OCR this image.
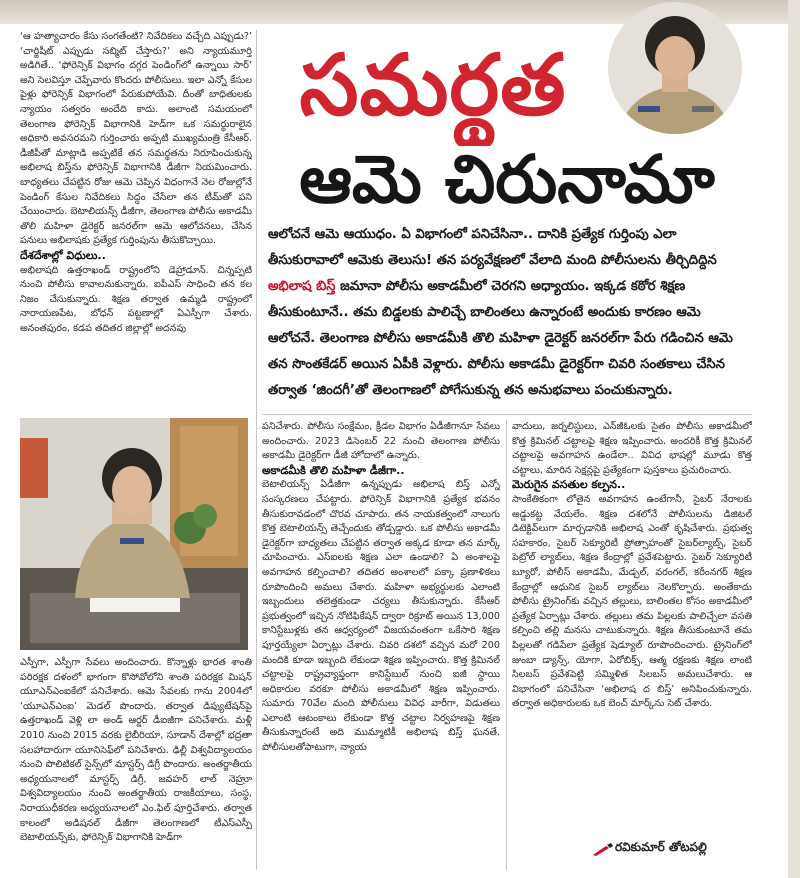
‘ఆ హత్యాచారం కేసు సంగతేంటి? నివేదికలు వచ్చేది ఎప్పుడు?’ ‘చార్జిషీట్ ఎప్పుడు సబ్మిట్ చేస్తారు?’ అని న్యాయమూర్తి అడిగితే.. ‘ఫోరెన్సిక్ విభాగం దగ్గర పెండింగ్‌లో ఉన్నాయి సార్’ అని సెలవిస్తూ చెప్పేవారు కొందరు పోలీసులు. ఇలా ఎన్నో కేసుల పైళ్లు ఫోరెన్సిక్ విభాగంలో పేరుకుపోయేవి. దీంతో బాధితులకు న్యాయం సత్వరం అందేది కాదు. అలాంటి సమయంలో తెలంగాణ ఫోరెన్సిక్ విభాగానికి హెడ్‌గా ఒక సమర్థురాలైన అధికారి అవసరమని గుర్తించారు అప్పటి ముఖ్యమంత్రి కేసీఆర్. డీజీపీతో మాట్లాడి అప్పటికే తన సమర్థతను నిరూపించుకున్న అభిలాష బిస్త్‌ను ఫోరెన్సిక్ విభాగానికి డీజీగా నియమించారు. బాధ్యతలు చేపట్టిన రోజు ఆమె చెప్పిన విధంగానే నెల రోజుల్లోనే పెండింగ్ కేసుల నివేదికలు సిద్ధం చేసేలా తన టీమ్‌తో పని చేయించారు. బెటాలియన్స్ డీజీగా, తెలంగాణ పోలీసు అకాడమీ తొలి మహిళా డైరెక్టర్ జనరల్‌గా ఆమె ఆలోచనలు, చేసిన పనులు అభిలాషకు ప్రత్యేక గుర్తింపును తీసుకొచ్చాయి.

దేశదేశాల్లో విధులు..

అభిలాషది ఉత్తరాఖండ్ రాష్ట్రంలోని డెహ్రాడూన్. చిన్నప్పటి నుంచి పోలీసు కావాలనుకున్నారు. ఐపీఎస్ సాధించి తన కల నిజం చేసుకున్నారు. శిక్షణ తర్వాత ఉమ్మడి రాష్ట్రంలో నారాయణపేట, బోధన్ పట్టణాల్లో ఏఎస్పీగా చేశారు. అనంతపురం, కడప తదితర జిల్లాల్లో అదనపు

ఎస్పీగా, ఎస్పీగా సేవలు అందించారు. కొన్నాళ్లు భారత శాంతి పరిరక్షక దళంలో భాగంగా కొసోవోలోని శాంతి పరిరక్షక మిషన్ యూఎన్‌ఎంఐకేలో పనిచేశారు. ఆమె సేవలకు గాను 2004లో ‘యూఎన్‌ఎంఐ’ మెడల్ పొందారు. తర్వాత డిప్యుటేషన్‌పై ఉత్తరాఖండ్ వెళ్లి లా అండ్ ఆర్డర్ డీఐజీగా పనిచేశారు. మళ్లీ 2010 నుంచి 2015 వరకు లైబీరియా, సూడాన్ దేశాల్లో భద్రతా సలహాదారుగా యూనిసెఫ్‌లో పనిచేశారు. ఢిల్లీ విశ్వవిద్యాలయం నుంచి పొలిటికల్ సైన్స్‌లో మాస్టర్స్ డిగ్రీ పొందారు. అంతర్జాతీయ అధ్యయనాలలో మాస్టర్స్ డిగ్రీ, జవహర్ లాల్ నెహ్రూ విశ్వవిద్యాలయం నుంచి అంతర్జాతీయ రాజకీయాలు, సంస్థ, నిరాయుధీకరణ అధ్యయనాలలో ఎం.ఫిల్ పూర్తిచేశారు. తర్వాత కాలంలో అడిషనల్ డీజీగా తెలంగాణలో టీఎస్ఎస్పీ బెటాలియన్స్‌కు, ఫోరెన్సిక్ విభాగానికి హెడ్‌గా

సమర్థత
ఆమె చిరునామా
ఆలోచనే ఆమె ఆయుధం. ఏ విభాగంలో పనిచేసినా.. దానికి ప్రత్యేక గుర్తింపు ఎలా తీసుకురావాలో ఆమెకు తెలుసు! తన పర్యవేక్షణలో వేలాది మంది పోలీసులను తీర్చిదిద్దిన అభిలాష బిస్త్ జమానా పోలీసు అకాడమీలో చెరగని అధ్యాయం. ఇక్కడ కఠోర శిక్షణ తీసుకుంటూనే.. తమ బిడ్డలకు పాలిచ్చే బాలింతలు ఉన్నారంటే అందుకు కారణం ఆమె ఆలోచనే. తెలంగాణ పోలీసు అకాడమీకి తొలి మహిళా డైరెక్టర్ జనరల్‌గా పేరు గడించిన ఆమె తన సొంతకేడర్ అయిన ఏపీకి వెళ్లారు. పోలీసు అకాడమీ డైరెక్టర్‌గా చివరి సంతకాలు చేసిన తర్వాత ‘జిందగీ’తో తెలంగాణలో పోగేసుకున్న తన అనుభవాలు పంచుకున్నారు.

పనిచేశారు. పోలీసు సంక్షేమం, క్రీడల విభాగం ఏడీజీగానూ సేవలు అందించారు. 2023 డిసెంబర్ 22 నుంచి తెలంగాణ పోలీసు అకాడమీ డైరెక్టర్‌గా డీజీ హోదాలో ఉన్నారు.

అకాడమీకి తొలి మహిళా డీజీగా..

బెటాలియన్స్ ఏడీజీగా ఉన్నప్పుడు అభిలాష బిస్త్ ఎన్నో సంస్కరణలు చేపట్టారు. ఫోరెన్సిక్ విభాగానికి ప్రత్యేక భవనం తీసుకురావడంలో చొరవ చూపారు. తన నాయకత్వంలో నాలుగు కొత్త బెటాలియన్స్ తెచ్చేందుకు తోడ్పడ్డారు. ఒక పోలీసు అకాడమీ డైరెక్టర్‌గా బాధ్యతలు చేపట్టిన తర్వాత అక్కడ కూడా తన మార్క్ చూపించారు. ఎస్ఐలకు శిక్షణ ఎలా ఉండాలి? ఏ అంశాలపై అవగాహన కల్పించాలి? తదితర అంశాలలో పక్కా ప్రణాళికలు రూపొందించి అమలు చేశారు. మహిళా అభ్యర్థులకు ఎలాంటి ఇబ్బందులు తలెత్తకుండా చర్యలు తీసుకున్నారు. కేసీఆర్ ప్రభుత్వంలో ఇచ్చిన నోటిఫికేషన్ ద్వారా రిక్రూట్ అయిన 13,000 కానిస్టేబుళ్లకు తన ఆధ్వర్యంలో విజయవంతంగా ఒకేసారి శిక్షణ పూర్తయ్యేలా ఏర్పాట్లు చేశారు. చివరి దశలో వచ్చిన మరో 200 మందికి కూడా ఇబ్బంది లేకుండా శిక్షణ ఇప్పించారు. కొత్త క్రిమినల్ చట్టాలపై రాష్ట్రవ్యాప్తంగా కానిస్టేబుల్ నుంచి ఐజీ స్థాయి అధికారుల వరకూ పోలీసు అకాడమీలో శిక్షణ ఇప్పించారు. సుమారు 70వేల మంది పోలీసులు వివిధ వారీగా, విడుతలు ఎలాంటి ఆటంకాలు లేకుండా కొత్త చట్టాల నిర్వహణపై శిక్షణ తీసుకున్నారంటే అది ముమ్మాటికీ అభిలాష బిస్త్ ఘనతే. పోలీసులతోపాటుగా, న్యాయ

వాదులు, జర్నలిస్టులు, ఎన్‌జీఓలకు సైతం పోలీసు అకాడమీలో కొత్త క్రిమినల్ చట్టాలపై శిక్షణ ఇప్పించారు. అందరికీ కొత్త క్రిమినల్ చట్టాలపై అవగాహన ఉండేలా.. వివిధ భాషల్లో మూడు కొత్త చట్టాలు, మారిన సెక్షన్లపై ప్రత్యేకంగా పుస్తకాలు ప్రచురించారు.

మెరుగైన వసతుల కల్పన..

సాంకేతికంగా లోతైన అవగాహన ఉంటేగానీ, సైబర్ నేరాలకు అడ్డుకట్ట వేయలేం. శిక్షణ దశలోనే పోలీసులను డిజిటల్ డిటెక్టివ్‌లుగా మార్చడానికి అభిలాష ఎంతో కృషిచేశారు. ప్రభుత్వ సహకారం, సైబర్ సెక్యూరిటీ ప్రోత్సాహంతో సైబర్‌ల్యాబ్స్, సైబర్ పెట్రోల్ ల్యాబ్‌లు, శిక్షణ కేంద్రాల్లో ప్రవేశపెట్టారు. సైబర్ సెక్యూరిటీ బ్యూరో, పోలీస్ అకాడమీ, మేడ్చల్, వరంగల్, కరీంనగర్ శిక్షణ కేంద్రాల్లో ఆధునిక సైబర్ ల్యాబ్‌లు నెలకొల్పారు. అంతేకాదు పోలీసు ట్రైనింగ్‌కు వచ్చిన తల్లులు, బాలింతల కోసం అకాడమీలో ప్రత్యేక ఏర్పాట్లు చేశారు. తల్లులు తమ పిల్లలకు పాలిచ్చేలా వసతి కల్పించి తల్లి మనసు చాటుకున్నారు. శిక్షణ తీసుకుంటూనే తమ పిల్లలతో గడిపేలా ప్రత్యేక షెడ్యూల్ రూపొందించారు. ట్రైనింగ్‌లో జుంబా డ్యాన్స్, యోగా, ఏరోబిక్స్, ఆత్మ రక్షణకు శిక్షణ లాంటి సిలబస్ ప్రవేశపెట్టి సమ్మిళిత సిలబస్ అమలుచేశారు. ఆ విభాగంలో పనిచేసినా ‘అభిలాష ద బిస్త్’ అనిపించుకున్నారు. తర్వాత అధికారులకు ఒక బెంచ్ మార్క్‌ను సెట్ చేశారు.

రవికుమార్ తోటపల్లి
